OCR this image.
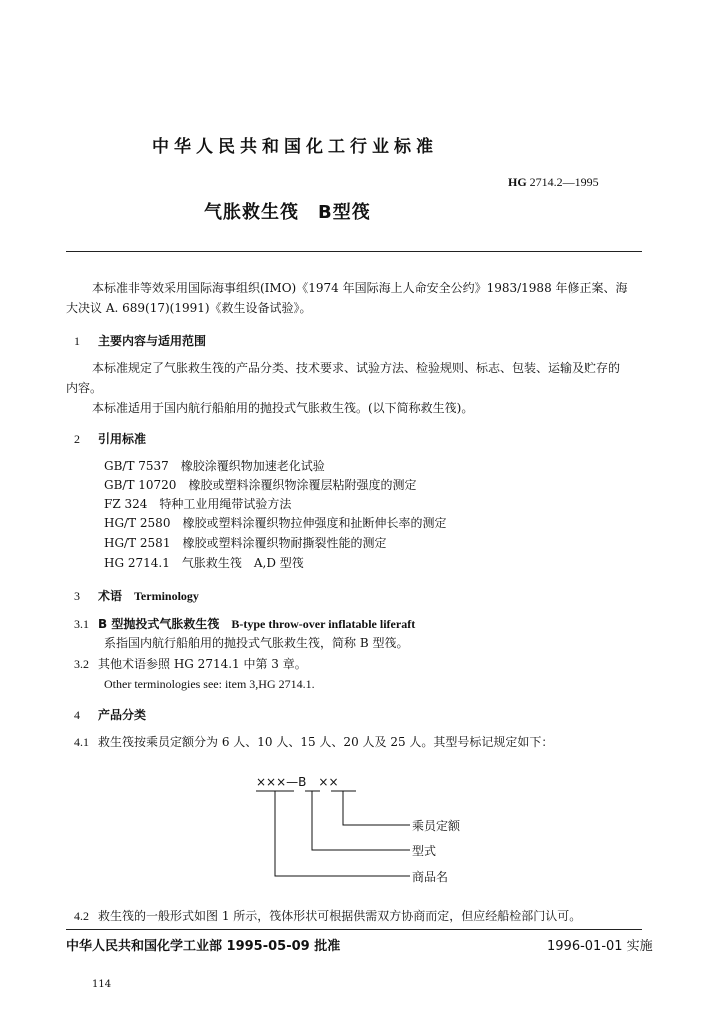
中华人民共和国化工行业标准
HG 2714.2—1995
气胀救生筏　B型筏
本标准非等效采用国际海事组织(IMO)《1974 年国际海上人命安全公约》1983/1988 年修正案、海
大决议 A. 689(17)(1991)《救生设备试验》。
1 主要内容与适用范围
本标准规定了气胀救生筏的产品分类、技术要求、试验方法、检验规则、标志、包装、运输及贮存的
内容。
本标准适用于国内航行船舶用的抛投式气胀救生筏。(以下简称救生筏)。
2 引用标准
GB/T 7537　橡胶涂覆织物加速老化试验
GB/T 10720　橡胶或塑料涂覆织物涂覆层粘附强度的测定
FZ 324　特种工业用绳带试验方法
HG/T 2580　橡胶或塑料涂覆织物拉伸强度和扯断伸长率的测定
HG/T 2581　橡胶或塑料涂覆织物耐撕裂性能的测定
HG 2714.1　气胀救生筏　A,D 型筏
3 术语　 Terminology
3.1 B 型抛投式气胀救生筏　 B-type throw-over inflatable liferaft
系指国内航行船舶用的抛投式气胀救生筏，简称 B 型筏。
3.2 其他术语参照 HG 2714.1 中第 3 章。
Other terminologies see: item 3,HG 2714.1.
4 产品分类
4.1 救生筏按乘员定额分为 6 人、10 人、15 人、20 人及 25 人。其型号标记规定如下：
×××—B　××
乘员定额
型式
商品名
4.2 救生筏的一般形式如图 1 所示，筏体形状可根据供需双方协商而定，但应经船检部门认可。
中华人民共和国化学工业部 1995-05-09 批准	1996-01-01 实施
114
